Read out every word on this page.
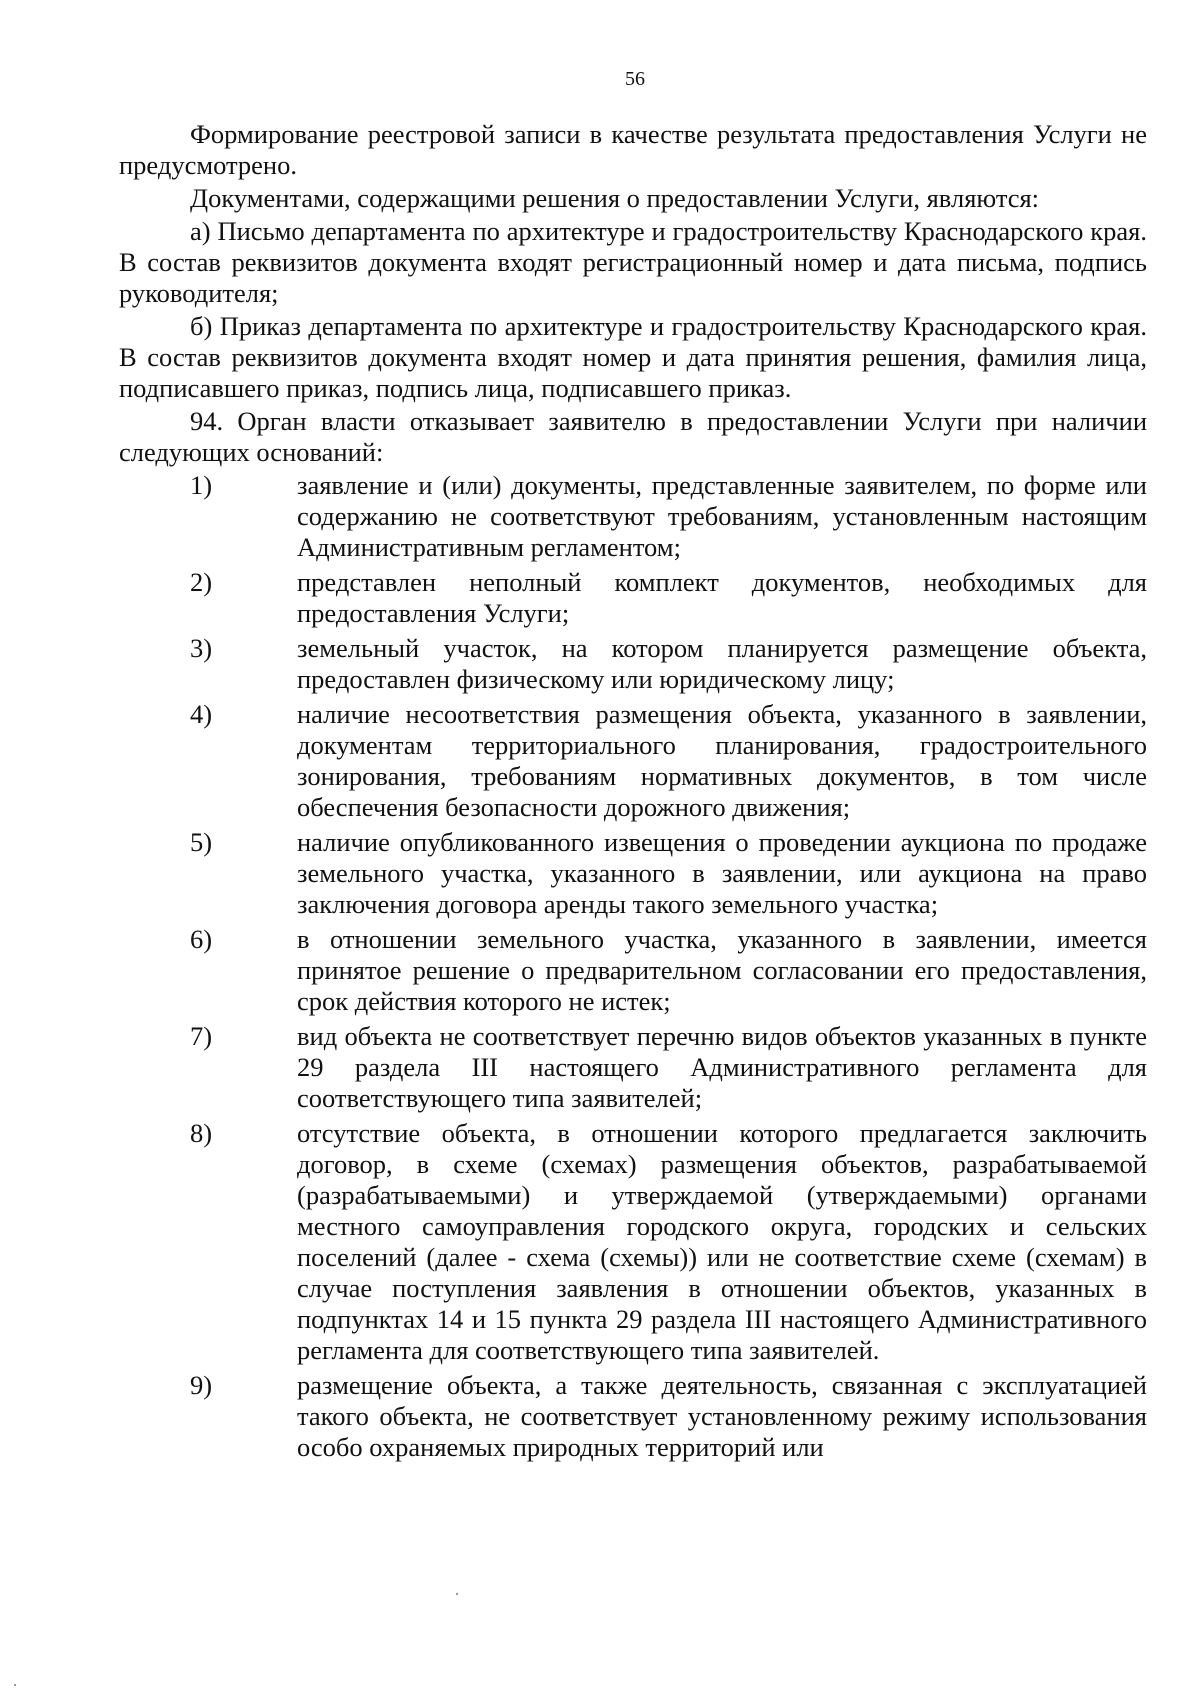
56

Формирование реестровой записи в качестве результата предоставления Услуги не предусмотрено.

Документами, содержащими решения о предоставлении Услуги, являются:

а) Письмо департамента по архитектуре и градостроительству Краснодарского края. В состав реквизитов документа входят регистрационный номер и дата письма, подпись руководителя;

б) Приказ департамента по архитектуре и градостроительству Краснодарского края. В состав реквизитов документа входят номер и дата принятия решения, фамилия лица, подписавшего приказ, подпись лица, подписавшего приказ.

94. Орган власти отказывает заявителю в предоставлении Услуги при наличии следующих оснований:

1)	заявление и (или) документы, представленные заявителем, по форме или содержанию не соответствуют требованиям, установленным настоящим Административным регламентом;
2)	представлен неполный комплект документов, необходимых для предоставления Услуги;
3)	земельный участок, на котором планируется размещение объекта, предоставлен физическому или юридическому лицу;
4)	наличие несоответствия размещения объекта, указанного в заявлении, документам территориального планирования, градостроительного зонирования, требованиям нормативных документов, в том числе обеспечения безопасности дорожного движения;
5)	наличие опубликованного извещения о проведении аукциона по продаже земельного участка, указанного в заявлении, или аукциона на право заключения договора аренды такого земельного участка;
6)	в отношении земельного участка, указанного в заявлении, имеется принятое решение о предварительном согласовании его предоставления, срок действия которого не истек;
7)	вид объекта не соответствует перечню видов объектов указанных в пункте 29 раздела III настоящего Административного регламента для соответствующего типа заявителей;
8)	отсутствие объекта, в отношении которого предлагается заключить договор, в схеме (схемах) размещения объектов, разрабатываемой (разрабатываемыми) и утверждаемой (утверждаемыми) органами местного самоуправления городского округа, городских и сельских поселений (далее - схема (схемы)) или не соответствие схеме (схемам) в случае поступления заявления в отношении объектов, указанных в подпунктах 14 и 15 пункта 29 раздела III настоящего Административного регламента для соответствующего типа заявителей.
9)	размещение объекта, а также деятельность, связанная с эксплуатацией такого объекта, не соответствует установленному режиму использования особо охраняемых природных территорий или
